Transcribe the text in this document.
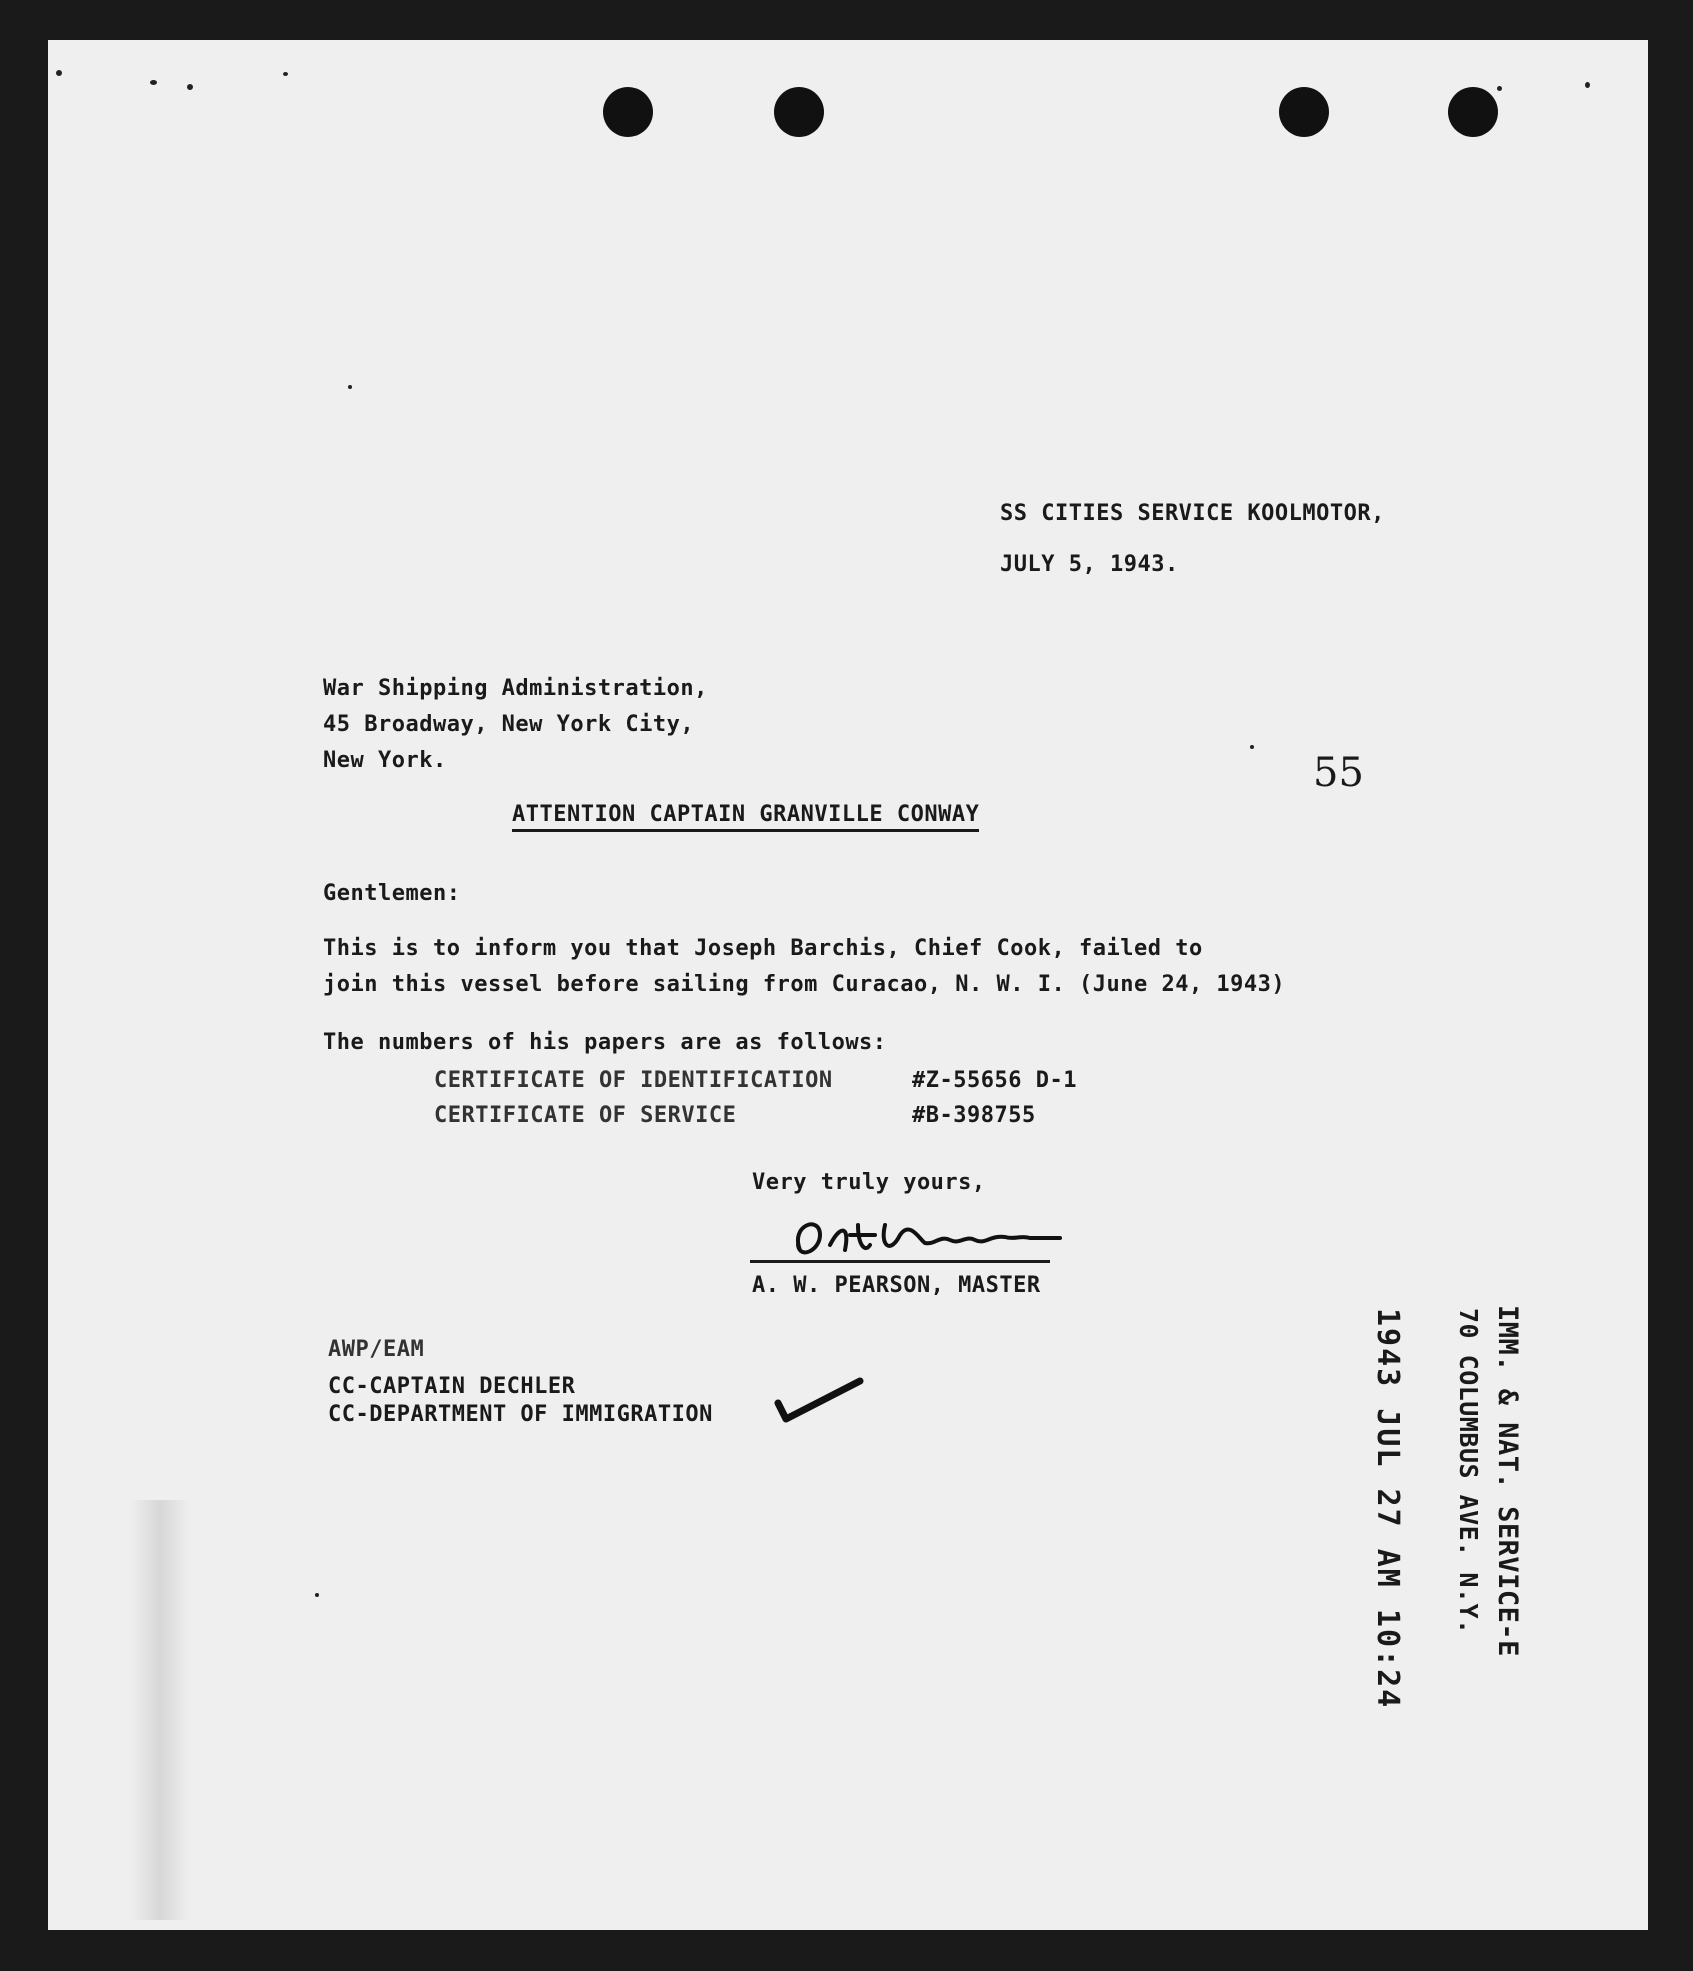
SS CITIES SERVICE KOOLMOTOR,
JULY 5, 1943.
War Shipping Administration,
45 Broadway, New York City,
New York.	55
ATTENTION CAPTAIN GRANVILLE CONWAY
Gentlemen:
This is to inform you that Joseph Barchis, Chief Cook, failed to
join this vessel before sailing from Curacao, N. W. I. (June 24, 1943)
The numbers of his papers are as follows:
CERTIFICATE OF IDENTIFICATION	#Z-55656 D-1
CERTIFICATE OF SERVICE	#B-398755
Very truly yours,
A. W. PEARSON, MASTER
AWP/EAM
CC-CAPTAIN DECHLER
CC-DEPARTMENT OF IMMIGRATION	1943 JUL 27 AM 10:24	IMM. & NAT. SERVICE-E
70 COLUMBUS AVE. N.Y.
